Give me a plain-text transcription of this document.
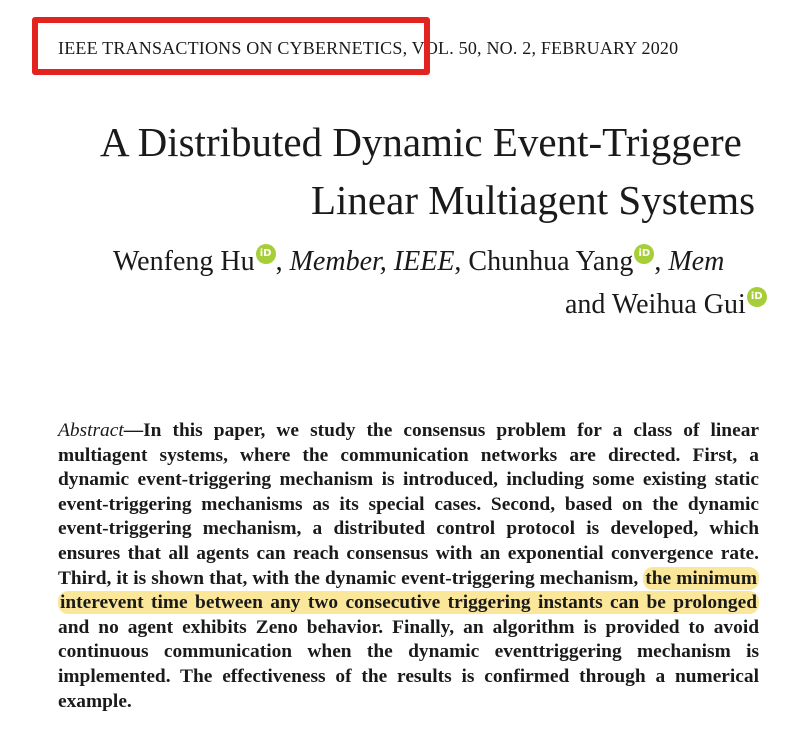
IEEE TRANSACTIONS ON CYBERNETICS, VOL. 50, NO. 2, FEBRUARY 2020
A Distributed Dynamic Event-Triggere
Linear Multiagent Systems
Wenfeng Hu iD , Member, IEEE, Chunhua Yang iD , Mem
and Weihua Gui iD
Abstract—In this paper, we study the consensus problem for a class of linear multiagent systems, where the communication networks are directed. First, a dynamic event-triggering mechanism is introduced, including some existing static event-triggering mechanisms as its special cases. Second, based on the dynamic event-triggering mechanism, a distributed control protocol is developed, which ensures that all agents can reach consensus with an exponential convergence rate. Third, it is shown that, with the dynamic event-triggering mechanism, the minimum interevent time between any two consecutive triggering instants can be prolonged and no agent exhibits Zeno behavior. Finally, an algorithm is provided to avoid continuous communication when the dynamic eventtriggering mechanism is implemented. The effectiveness of the results is confirmed through a numerical example.
